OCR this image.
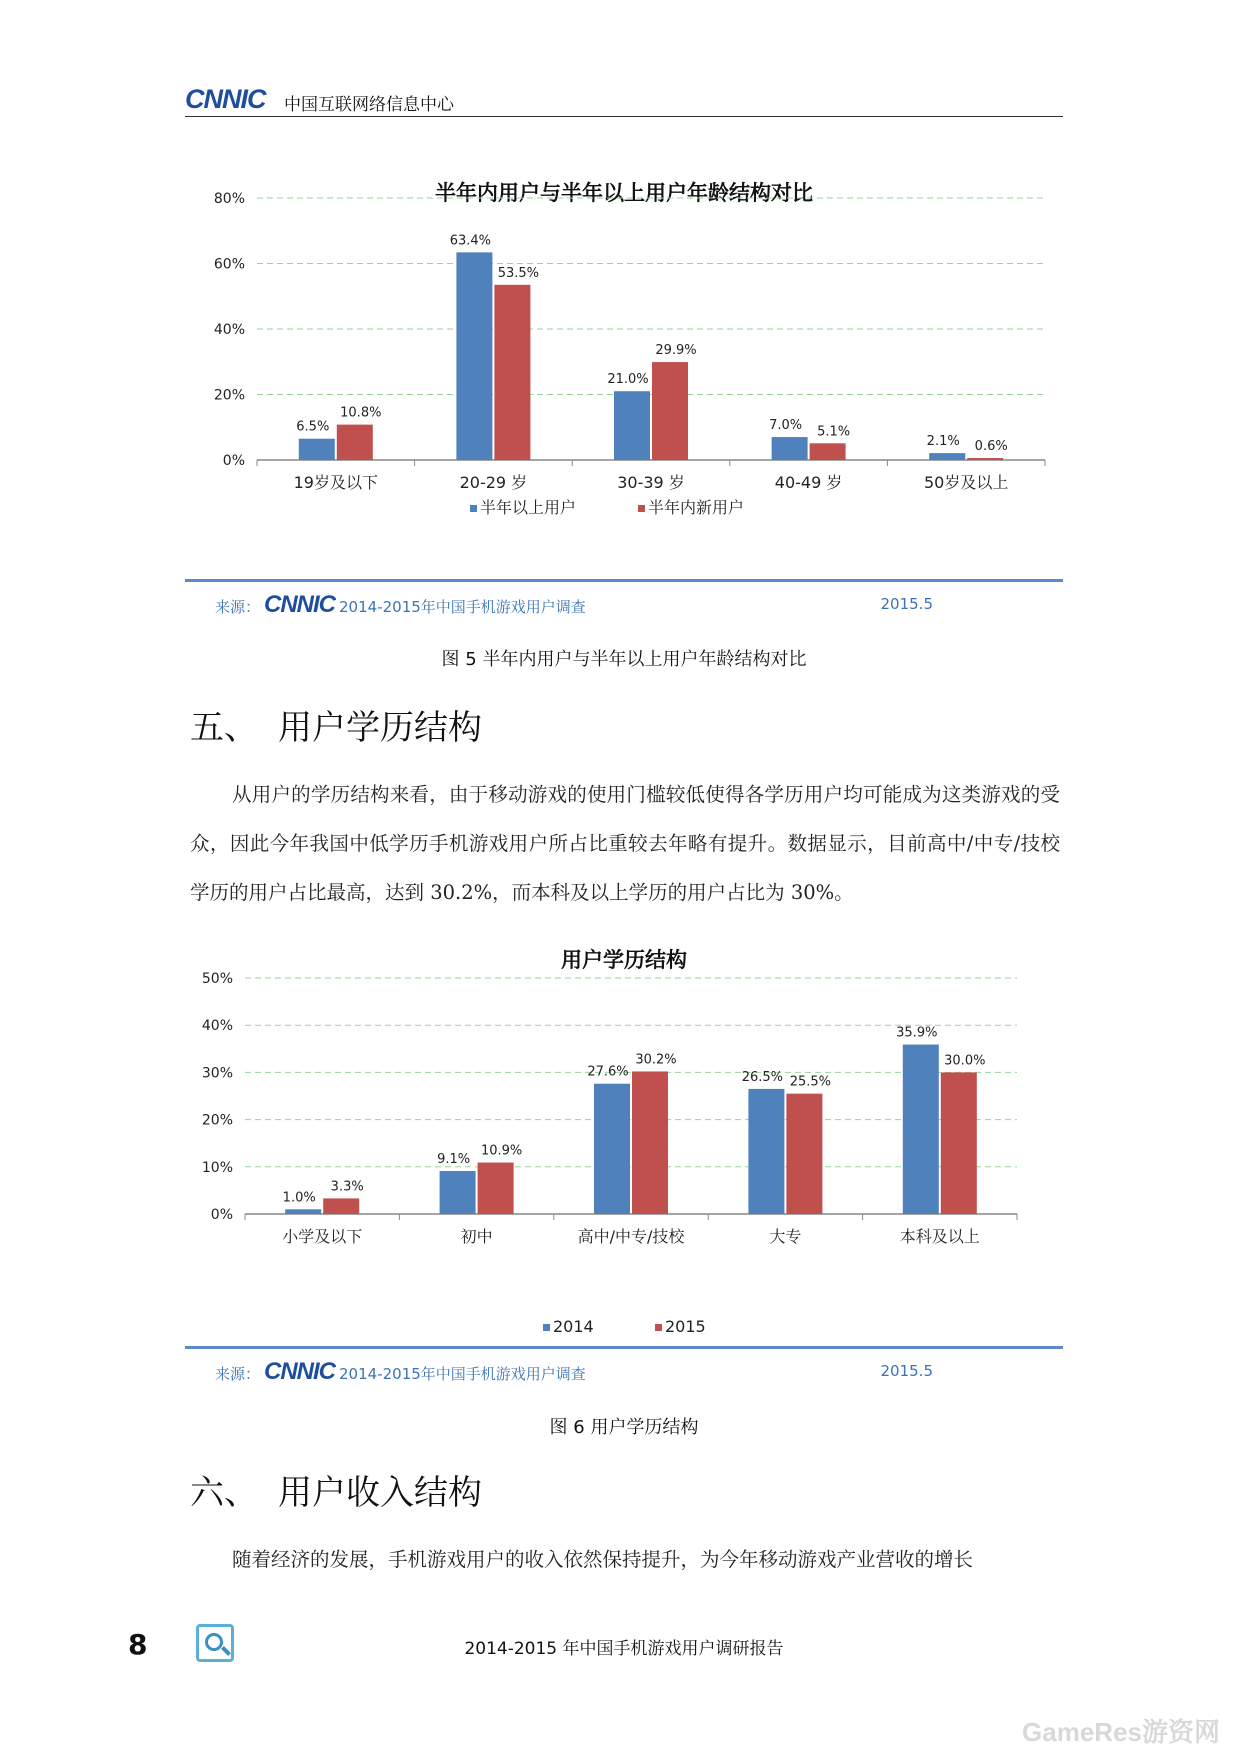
CNNIC 中国互联网络信息中心
半年内用户与半年以上用户年龄结构对比
0%
20%
40%
60%
80%
6.5%
10.8%
19岁及以下
63.4%
53.5%
20-29 岁
21.0%
29.9%
30-39 岁
7.0% 5.1%
40-49 岁
2.1% 0.6%
50岁及以上
半年以上用户	半年内新用户
来源： CNNIC 2014-2015年中国手机游戏用户调查	2015.5
图 5 半年内用户与半年以上用户年龄结构对比
五、 用户学历结构
从用户的学历结构来看，由于移动游戏的使用门槛较低使得各学历用户均可能成为这类游戏的受众，因此今年我国中低学历手机游戏用户所占比重较去年略有提升。数据显示，目前高中/中专/技校学历的用户占比最高，达到 30.2%，而本科及以上学历的用户占比为 30%。
用户学历结构
0%
10%
20%
30%
40%
50%
1.0%
3.3%
小学及以下
9.1%
10.9%
初中
27.6%
30.2%
高中/中专/技校
26.5% 25.5%
大专
35.9%
30.0%
本科及以上
2014	2015
来源： CNNIC 2014-2015年中国手机游戏用户调查	2015.5
图 6 用户学历结构
六、 用户收入结构
随着经济的发展，手机游戏用户的收入依然保持提升，为今年移动游戏产业营收的增长
8	2014-2015 年中国手机游戏用户调研报告
GameRes游资网
